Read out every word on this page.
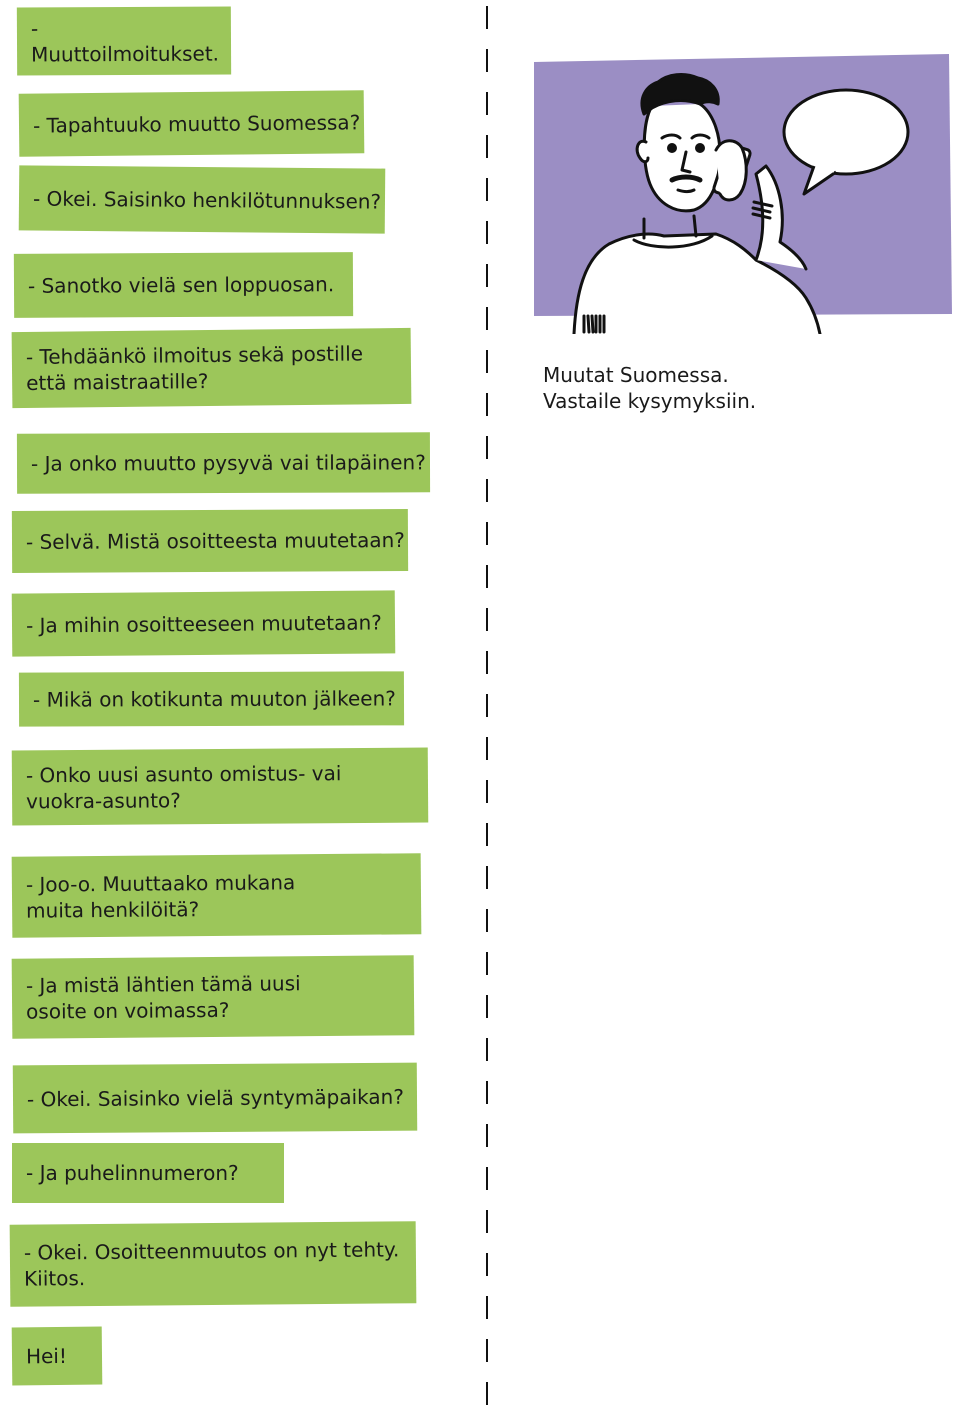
- Muuttoilmoitukset.
- Tapahtuuko muutto Suomessa?
- Okei. Saisinko henkilötunnuksen?
- Sanotko vielä sen loppuosan.
- Tehdäänkö ilmoitus sekä postille
että maistraatille?
- Ja onko muutto pysyvä vai tilapäinen?
- Selvä. Mistä osoitteesta muutetaan?
- Ja mihin osoitteeseen muutetaan?
- Mikä on kotikunta muuton jälkeen?
- Onko uusi asunto omistus- vai
vuokra-asunto?
- Joo-o. Muuttaako mukana
muita henkilöitä?
- Ja mistä lähtien tämä uusi
osoite on voimassa?
- Okei. Saisinko vielä syntymäpaikan?
- Ja puhelinnumeron?
- Okei. Osoitteenmuutos on nyt tehty.
Kiitos.
Hei!
Muutat Suomessa.
Vastaile kysymyksiin.
